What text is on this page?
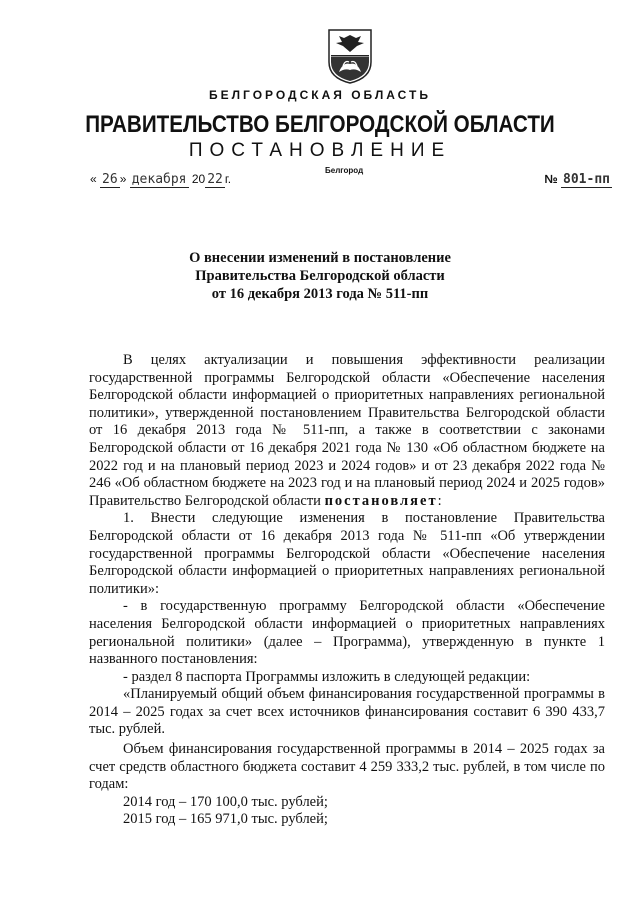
БЕЛГОРОДСКАЯ ОБЛАСТЬ
ПРАВИТЕЛЬСТВО БЕЛГОРОДСКОЙ ОБЛАСТИ
ПОСТАНОВЛЕНИЕ
Белгород
« 26 » декабря 20 22 г.	№ 801-пп
О внесении изменений в постановление
Правительства Белгородской области
от 16 декабря 2013 года № 511-пп

В целях актуализации и повышения эффективности реализации государственной программы Белгородской области «Обеспечение населения Белгородской области информацией о приоритетных направлениях региональной политики», утвержденной постановлением Правительства Белгородской области от 16 декабря 2013 года № 511-пп, а также в соответствии с законами Белгородской области от 16 декабря 2021 года № 130 «Об областном бюджете на 2022 год и на плановый период 2023 и 2024 годов» и от 23 декабря 2022 года № 246 «Об областном бюджете на 2023 год и на плановый период 2024 и 2025 годов» Правительство Белгородской области постановляет:

1. Внести следующие изменения в постановление Правительства Белгородской области от 16 декабря 2013 года № 511-пп «Об утверждении государственной программы Белгородской области «Обеспечение населения Белгородской области информацией о приоритетных направлениях региональной политики»:

- в государственную программу Белгородской области «Обеспечение населения Белгородской области информацией о приоритетных направлениях региональной политики» (далее – Программа), утвержденную в пункте 1 названного постановления:

- раздел 8 паспорта Программы изложить в следующей редакции:

«Планируемый общий объем финансирования государственной программы в 2014 – 2025 годах за счет всех источников финансирования составит 6 390 433,7 тыс. рублей.

Объем финансирования государственной программы в 2014 – 2025 годах за счет средств областного бюджета составит 4 259 333,2 тыс. рублей, в том числе по годам:

2014 год – 170 100,0 тыс. рублей;

2015 год – 165 971,0 тыс. рублей;
